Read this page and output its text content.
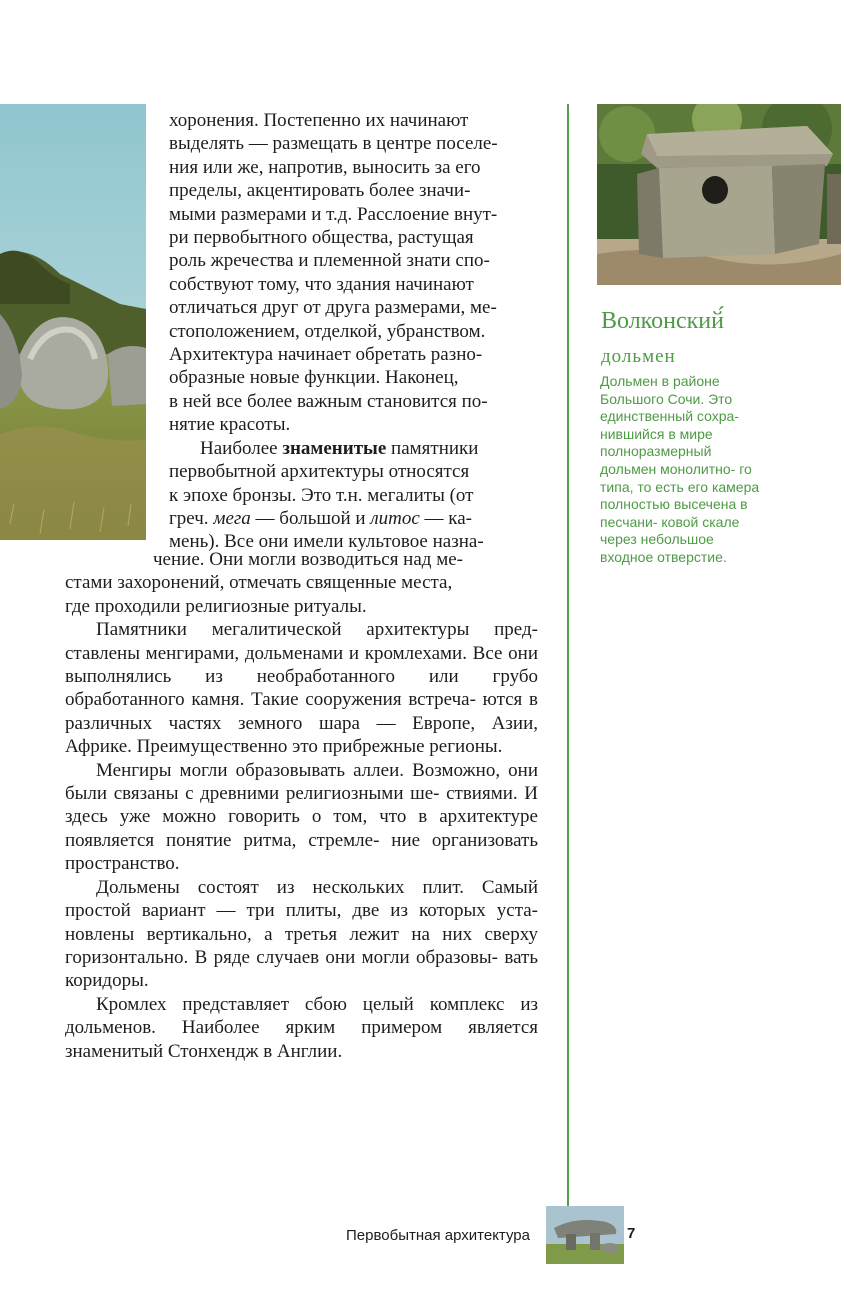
хоронения. Постепенно их начинают

выделять — размещать в центре поселе-

ния или же, напротив, выносить за его

пределы, акцентировать более значи-

мыми размерами и т.д. Расслоение внут-

ри первобытного общества, растущая

роль жречества и племенной знати спо-

собствуют тому, что здания начинают

отличаться друг от друга размерами, ме-

стоположением, отделкой, убранством.

Архитектура начинает обретать разно-

образные новые функции. Наконец,

в ней все более важным становится по-

нятие красоты.

Наиболее знаменитые памятники

первобытной архитектуры относятся

к эпохе бронзы. Это т.н. мегалиты (от

греч. мега — большой и литос — ка-

мень). Все они имели культовое назна-

чение. Они могли возводиться над ме-

стами захоронений, отмечать священные места,

где проходили религиозные ритуалы.

Памятники мегалитической архитектуры пред- ставлены менгирами, дольменами и кромлехами. Все они выполнялись из необработанного или грубо обработанного камня. Такие сооружения встреча- ются в различных частях земного шара — Европе, Азии, Африке. Преимущественно это прибрежные регионы.

Менгиры могли образовывать аллеи. Возможно, они были связаны с древними религиозными ше- ствиями. И здесь уже можно говорить о том, что в архитектуре появляется понятие ритма, стремле- ние организовать пространство.

Дольмены состоят из нескольких плит. Самый простой вариант — три плиты, две из которых уста- новлены вертикально, а третья лежит на них сверху горизонтально. В ряде случаев они могли образовы- вать коридоры.

Кромлех представляет сбою целый комплекс из дольменов. Наиболее ярким примером является знаменитый Стонхендж в Англии.

Волконский́
дольмен
Дольмен в районе Большого Сочи. Это единственный сохра- нившийся в мире полноразмерный дольмен монолитно- го типа, то есть его камера полностью высечена в песчани- ковой скале через небольшое входное отверстие.
Первобытная архитектура	7
